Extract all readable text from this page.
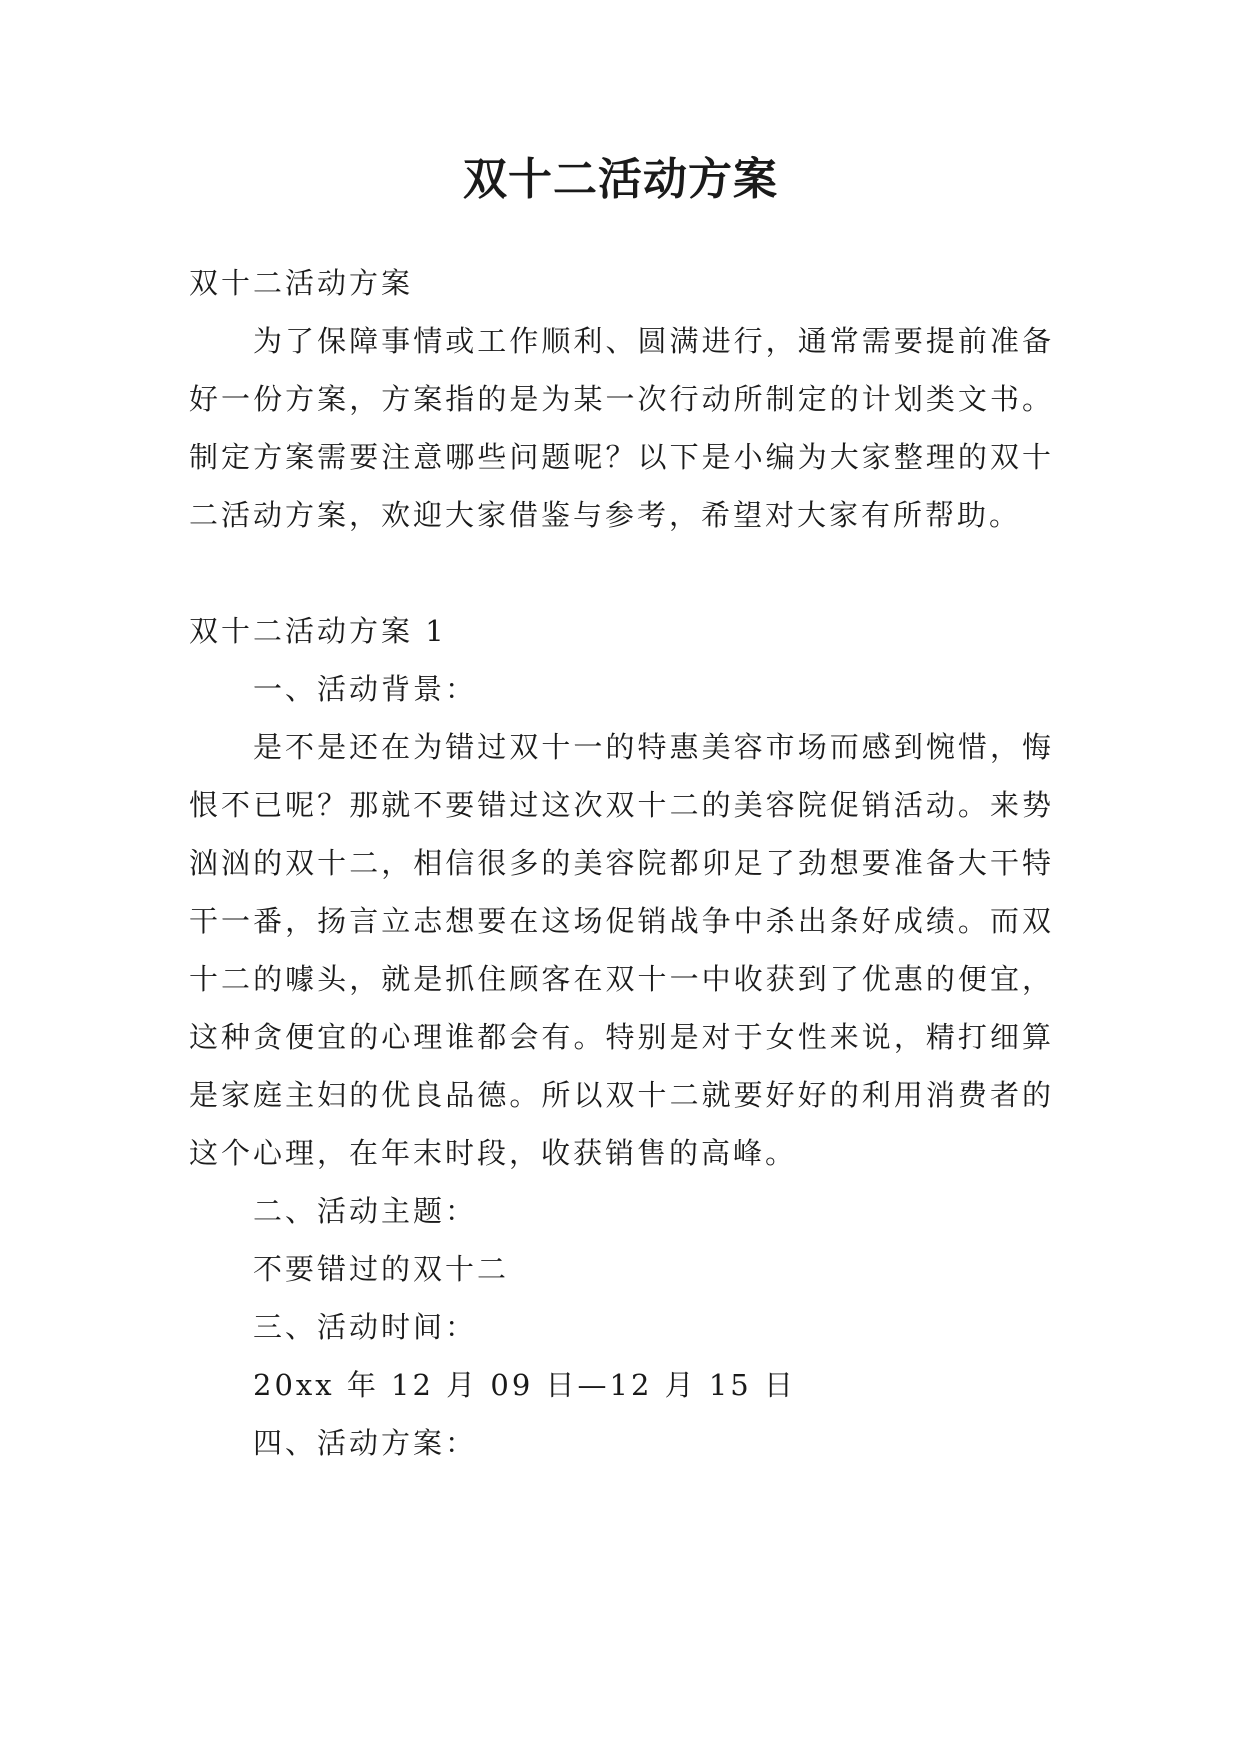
双十二活动方案

双十二活动方案

为了保障事情或工作顺利、圆满进行，通常需要提前准备好一份方案，方案指的是为某一次行动所制定的计划类文书。制定方案需要注意哪些问题呢？以下是小编为大家整理的双十二活动方案，欢迎大家借鉴与参考，希望对大家有所帮助。

双十二活动方案 1

一、活动背景：

是不是还在为错过双十一的特惠美容市场而感到惋惜，悔恨不已呢？那就不要错过这次双十二的美容院促销活动。来势汹汹的双十二，相信很多的美容院都卯足了劲想要准备大干特干一番，扬言立志想要在这场促销战争中杀出条好成绩。而双十二的噱头，就是抓住顾客在双十一中收获到了优惠的便宜，这种贪便宜的心理谁都会有。特别是对于女性来说，精打细算是家庭主妇的优良品德。所以双十二就要好好的利用消费者的这个心理，在年末时段，收获销售的高峰。

二、活动主题：

不要错过的双十二

三、活动时间：

20xx 年 12 月 09 日—12 月 15 日

四、活动方案：
